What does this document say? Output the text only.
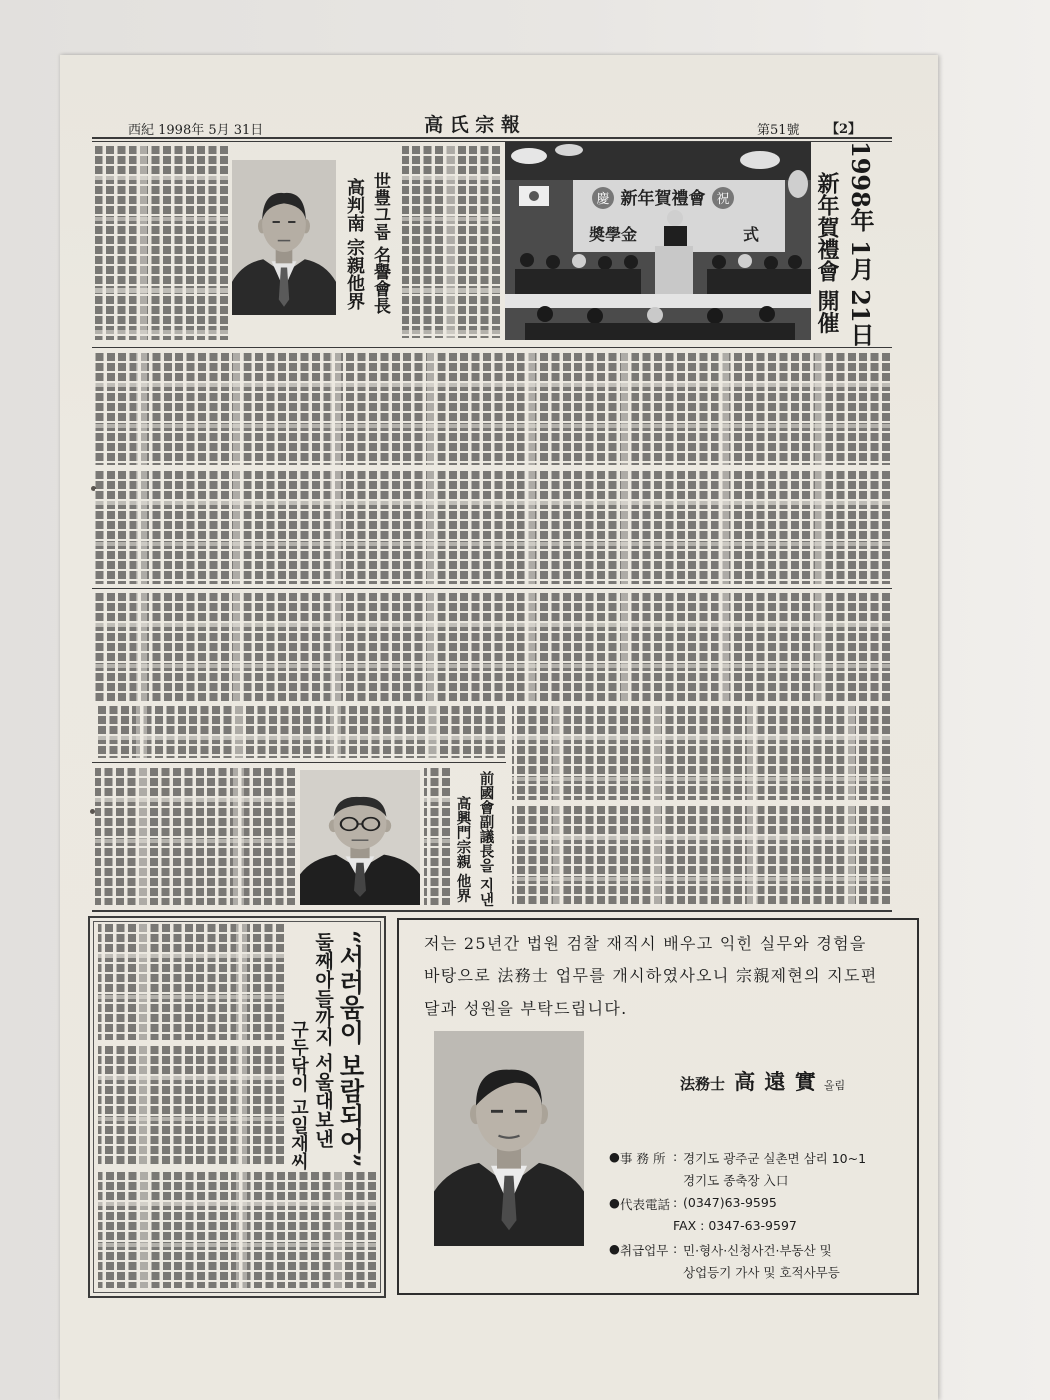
西紀 1998年 5月 31日	高 氏 宗 報	第51號 【2】
1998年 1月 21日
新年賀禮會 開催
慶 新年賀禮會 祝
奬學金	式
世豊그룹 名譽會長
高判南 宗親他界
前國會副議長을 지낸
高興門宗親 他界
“서러움이 보람되어”
둘째아들까지 서울대보낸
구두닦이 고일재씨
저는 25년간 법원 검찰 재직시 배우고 익힌 실무와 경험을
바탕으로 法務士 업무를 개시하였사오니 宗親제현의 지도편
달과 성원을 부탁드립니다.
法務士 高 遠 實 올림
● 事 務 所 : 경기도 광주군 실촌면 삼리 10~1
경기도 종축장 入口
● 代表電話 : (0347)63-9595
FAX : 0347-63-9597
● 취급업무 : 민·형사·신청사건·부동산 및
상업등기 가사 및 호적사무등
